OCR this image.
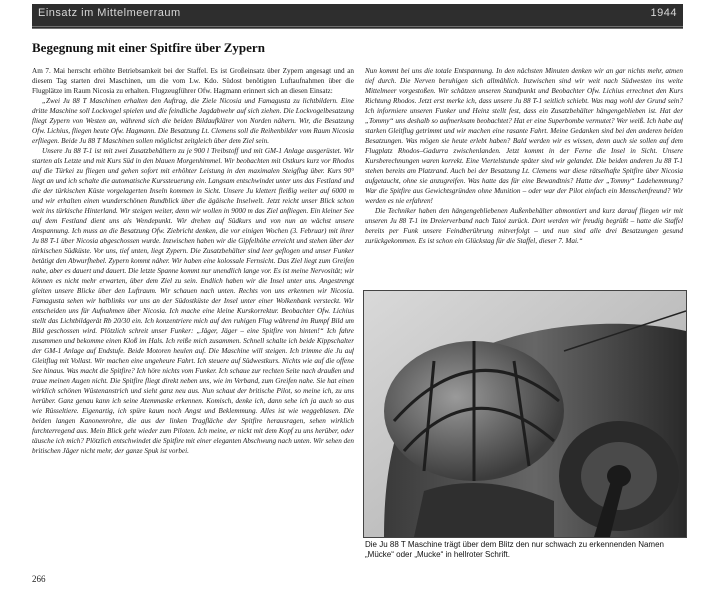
Einsatz im Mittelmeerraum	1944
Begegnung mit einer Spitfire über Zypern

Am 7. Mai herrscht erhöhte Betriebsamkeit bei der Staffel. Es ist Großeinsatz über Zypern angesagt und an diesem Tag starten drei Maschinen, um die vom Lw. Kdo. Südost benötigten Luftaufnahmen über die Flugplätze im Raum Nicosia zu erhalten. Flugzeugführer Ofw. Hagmann erinnert sich an diesen Einsatz:

„Zwei Ju 88 T Maschinen erhalten den Auftrag, die Ziele Nicosia und Famagusta zu lichtbildern. Eine dritte Maschine soll Lockvogel spielen und die feindliche Jagdabwehr auf sich ziehen. Die Lockvogelbesatzung fliegt Zypern von Westen an, während sich die beiden Bildaufklärer von Norden nähern. Wir, die Besatzung Ofw. Lichius, fliegen heute Ofw. Hagmann. Die Besatzung Lt. Clemens soll die Reihenbilder vom Raum Nicosia erfliegen. Beide Ju 88 T Maschinen sollen möglichst zeitgleich über dem Ziel sein.

Unsere Ju 88 T-1 ist mit zwei Zusatzbehältern zu je 900 l Treibstoff und mit GM-1 Anlage ausgerüstet. Wir starten als Letzte und mit Kurs Süd in den blauen Morgenhimmel. Wir beobachten mit Ostkurs kurz vor Rhodos auf die Türkei zu fliegen und gehen sofort mit erhöhter Leistung in den maximalen Steigflug über. Kurs 90° liegt an und ich schalte die automatische Kurssteuerung ein. Langsam entschwindet unter uns das Festland und die der türkischen Küste vorgelagerten Inseln kommen in Sicht. Unsere Ju klettert fleißig weiter auf 6000 m und wir erhalten einen wunderschönen Rundblick über die ägäische Inselwelt. Jetzt reicht unser Blick schon weit ins türkische Hinterland. Wir steigen weiter, denn wir wollen in 9000 m das Ziel anfliegen. Ein kleiner See auf dem Festland dient uns als Wendepunkt. Wir drehen auf Südkurs und von nun an wächst unsere Anspannung. Ich muss an die Besatzung Ofw. Ziebricht denken, die vor einigen Wochen (3. Februar) mit ihrer Ju 88 T-1 über Nicosia abgeschossen wurde. Inzwischen haben wir die Gipfelhöhe erreicht und stehen über der türkischen Südküste. Vor uns, tief unten, liegt Zypern. Die Zusatzbehälter sind leer geflogen und unser Funker betätigt den Abwurfhebel. Zypern kommt näher. Wir haben eine kolossale Fernsicht. Das Ziel liegt zum Greifen nahe, aber es dauert und dauert. Die letzte Spanne kommt nur unendlich lange vor. Es ist meine Nervosität; wir können es nicht mehr erwarten, über dem Ziel zu sein. Endlich haben wir die Insel unter uns. Angestrengt gleiten unsere Blicke über den Luftraum. Wir schauen nach unten. Rechts von uns erkennen wir Nicosia. Famagusta sehen wir halblinks vor uns an der Südostküste der Insel unter einer Wolkenbank versteckt. Wir entscheiden uns für Aufnahmen über Nicosia. Ich mache eine kleine Kurskorrektur. Beobachter Ofw. Lichius stellt das Lichtbildgerät Rb 20/30 ein. Ich konzentriere mich auf den ruhigen Flug während im Rumpf Bild um Bild geschossen wird. Plötzlich schreit unser Funker: „Jäger, Jäger – eine Spitfire von hinten!“ Ich fahre zusammen und bekomme einen Kloß im Hals. Ich reiße mich zusammen. Schnell schalte ich beide Kippschalter der GM-1 Anlage auf Endstufe. Beide Motoren heulen auf. Die Maschine will steigen. Ich trimme die Ju auf Gleitflug mit Vollast. Wir machen eine ungeheure Fahrt. Ich steuere auf Südwestkurs. Nichts wie auf die offene See hinaus. Was macht die Spitfire? Ich höre nichts vom Funker. Ich schaue zur rechten Seite nach draußen und traue meinen Augen nicht. Die Spitfire fliegt direkt neben uns, wie im Verband, zum Greifen nahe. Sie hat einen wirklich schönen Wüstenanstrich und sieht ganz neu aus. Nun schaut der britische Pilot, so meine ich, zu uns herüber. Ganz genau kann ich seine Atemmaske erkennen. Komisch, denke ich, dann sehe ich ja auch so aus wie Rüsseltiere. Eigenartig, ich spüre kaum noch Angst und Beklemmung. Alles ist wie weggeblasen. Die beiden langen Kanonenrohre, die aus der linken Tragfläche der Spitfire herausragen, sehen wirklich furchterregend aus. Mein Blick geht wieder zum Piloten. Ich meine, er nickt mit dem Kopf zu uns herüber, oder täusche ich mich? Plötzlich entschwindet die Spitfire mit einer eleganten Abschwung nach unten. Wir sehen den britischen Jäger nicht mehr, der ganze Spuk ist vorbei.

Nun kommt bei uns die totale Entspannung. In den nächsten Minuten denken wir an gar nichts mehr, atmen tief durch. Die Nerven beruhigen sich allmählich. Inzwischen sind wir weit nach Südwesten ins weite Mittelmeer vorgestoßen. Wir schätzen unseren Standpunkt und Beobachter Ofw. Lichius errechnet den Kurs Richtung Rhodos. Jetzt erst merke ich, dass unsere Ju 88 T-1 seitlich schiebt. Was mag wohl der Grund sein? Ich informiere unseren Funker und Heinz stellt fest, dass ein Zusatzbehälter hängengeblieben ist. Hat der „Tommy“ uns deshalb so aufmerksam beobachtet? Hat er eine Superbombe vermutet? Wer weiß. Ich habe auf starken Gleitflug getrimmt und wir machen eine rasante Fahrt. Meine Gedanken sind bei den anderen beiden Besatzungen. Was mögen sie heute erlebt haben? Bald werden wir es wissen, denn auch sie sollen auf dem Flugplatz Rhodos–Gadurra zwischenlanden. Jetzt kommt in der Ferne die Insel in Sicht. Unsere Kursberechnungen waren korrekt. Eine Viertelstunde später sind wir gelandet. Die beiden anderen Ju 88 T-1 stehen bereits am Platzrand. Auch bei der Besatzung Lt. Clemens war diese rätselhafte Spitfire über Nicosia aufgetaucht, ohne sie anzugreifen. Was hatte das für eine Bewandtnis? Hatte der „Tommy“ Ladehemmung? War die Spitfire aus Gewichtsgründen ohne Munition – oder war der Pilot einfach ein Menschenfreund? Wir werden es nie erfahren!

Die Techniker haben den hängengebliebenen Außenbehälter abmontiert und kurz darauf fliegen wir mit unseren Ju 88 T-1 im Dreierverband nach Tatoi zurück. Dort werden wir freudig begrüßt – hatte die Staffel bereits per Funk unsere Feindberührung mitverfolgt – und nun sind alle drei Besatzungen gesund zurückgekommen. Es ist schon ein Glückstag für die Staffel, dieser 7. Mai.“

Die Ju 88 T Maschine trägt über dem Blitz den nur schwach zu erkennenden Namen „Mücke“ oder „Mucke“ in hellroter Schrift.
266
